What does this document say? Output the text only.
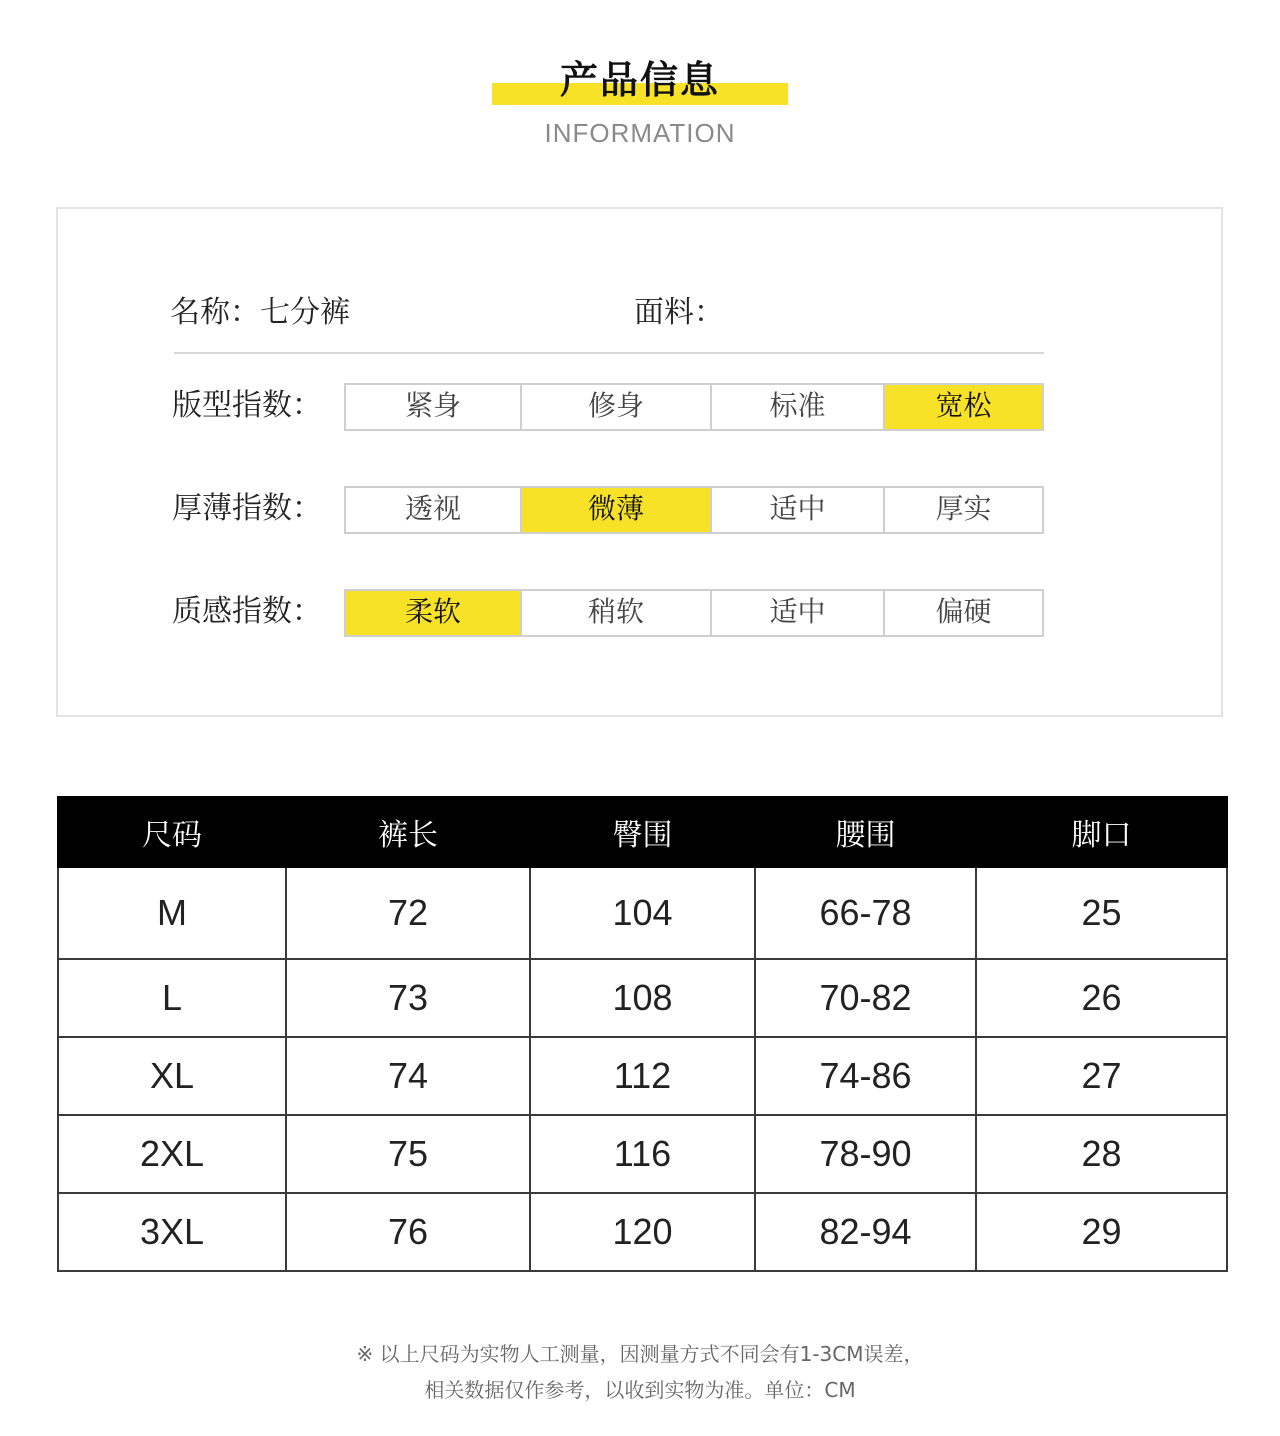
产品信息
INFORMATION
名称：七分裤	面料：
版型指数：	紧身	修身	标准	宽松
厚薄指数：	透视	微薄	适中	厚实
质感指数：	柔软	稍软	适中	偏硬
尺码	裤长	臀围	腰围	脚口
M	72	104	66-78	25
L	73	108	70-82	26
XL	74	112	74-86	27
2XL	75	116	78-90	28
3XL	76	120	82-94	29
※ 以上尺码为实物人工测量，因测量方式不同会有1-3CM误差，
相关数据仅作参考，以收到实物为准。单位：CM
